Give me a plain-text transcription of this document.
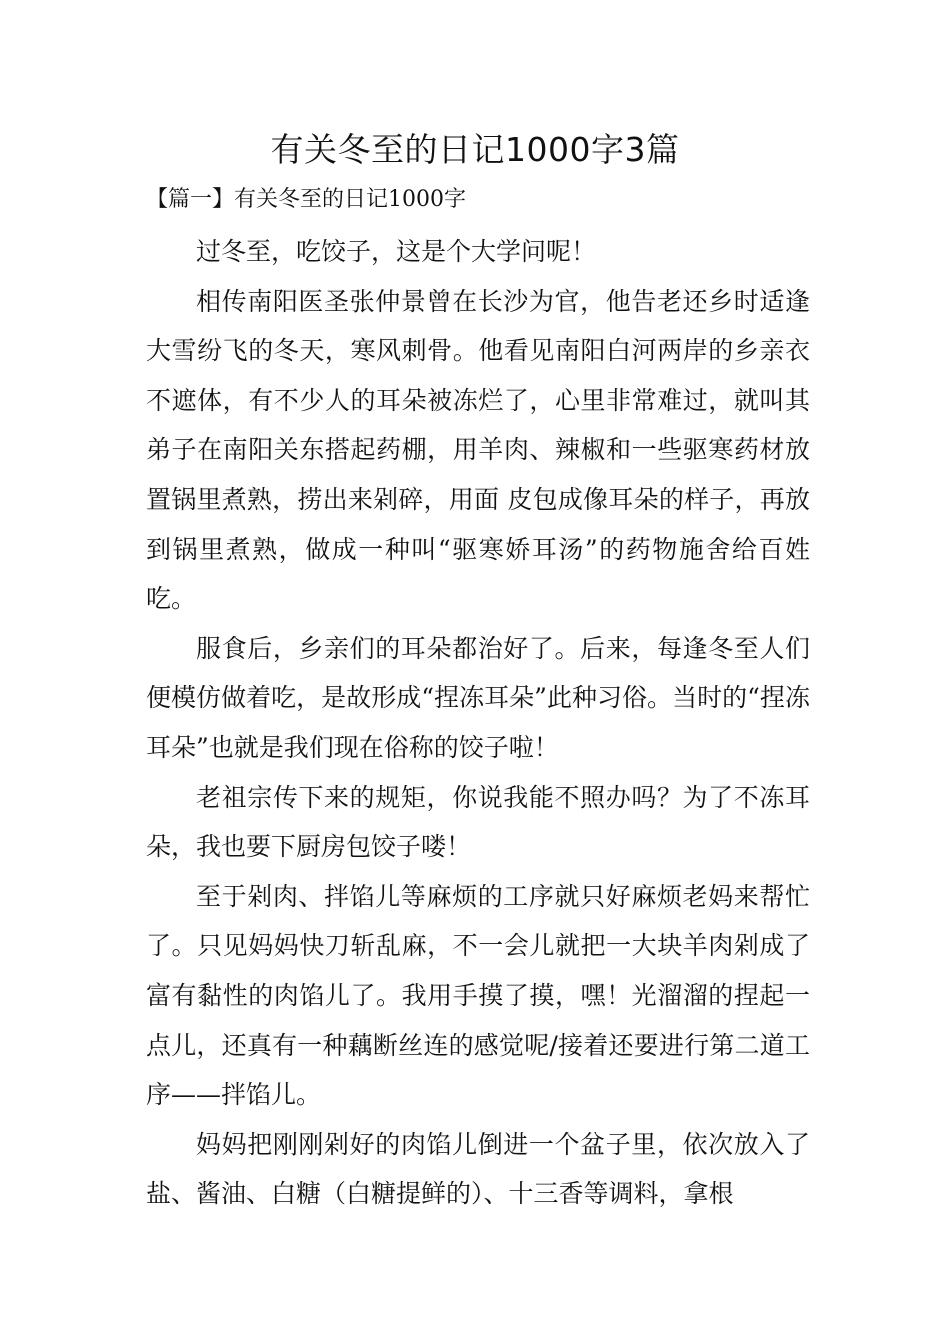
有关冬至的日记1000字3篇
【篇一】有关冬至的日记1000字

过冬至，吃饺子，这是个大学问呢！

相传南阳医圣张仲景曾在长沙为官，他告老还乡时适逢大雪纷飞的冬天，寒风刺骨。他看见南阳白河两岸的乡亲衣不遮体，有不少人的耳朵被冻烂了，心里非常难过，就叫其弟子在南阳关东搭起药棚，用羊肉、辣椒和一些驱寒药材放置锅里煮熟，捞出来剁碎，用面 皮包成像耳朵的样子，再放到锅里煮熟，做成一种叫“驱寒娇耳汤”的药物施舍给百姓吃。

服食后，乡亲们的耳朵都治好了。后来，每逢冬至人们便模仿做着吃，是故形成“捏冻耳朵”此种习俗。当时的“捏冻耳朵”也就是我们现在俗称的饺子啦！

老祖宗传下来的规矩，你说我能不照办吗？为了不冻耳朵，我也要下厨房包饺子喽！

至于剁肉、拌馅儿等麻烦的工序就只好麻烦老妈来帮忙了。只见妈妈快刀斩乱麻，不一会儿就把一大块羊肉剁成了富有黏性的肉馅儿了。我用手摸了摸，嘿！光溜溜的捏起一点儿，还真有一种藕断丝连的感觉呢/接着还要进行第二道工序——拌馅儿。

妈妈把刚刚剁好的肉馅儿倒进一个盆子里，依次放入了盐、酱油、白糖（白糖提鲜的）、十三香等调料，拿根
